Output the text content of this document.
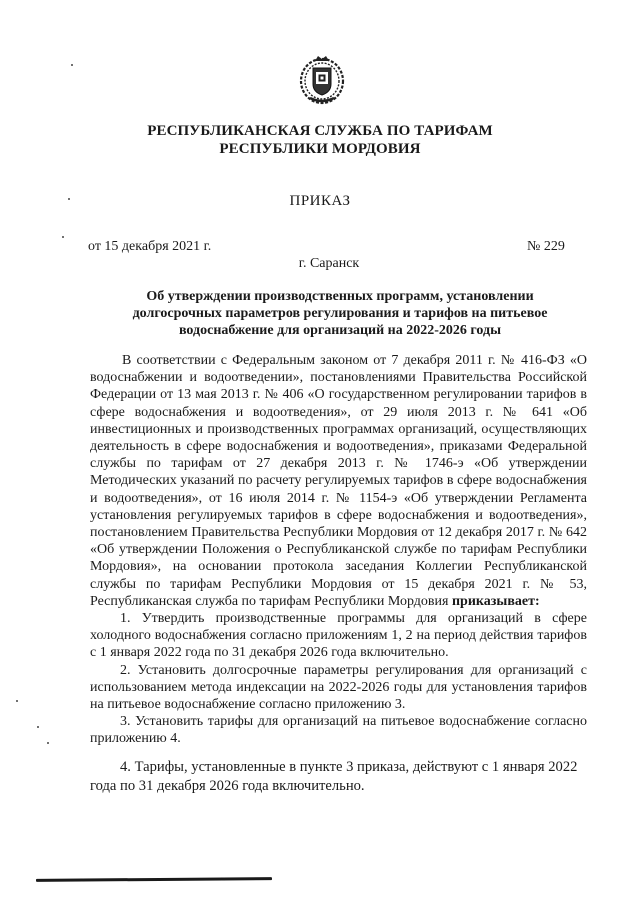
РЕСПУБЛИКАНСКАЯ СЛУЖБА ПО ТАРИФАМ
РЕСПУБЛИКИ МОРДОВИЯ
ПРИКАЗ
от 15 декабря 2021 г.	№ 229
г. Саранск
Об утверждении производственных программ, установлении
долгосрочных параметров регулирования и тарифов на питьевое
водоснабжение для организаций на 2022-2026 годы

В соответствии с Федеральным законом от 7 декабря 2011 г. № 416-ФЗ «О водоснабжении и водоотведении», постановлениями Правительства Российской Федерации от 13 мая 2013 г. № 406 «О государственном регулировании тарифов в сфере водоснабжения и водоотведения», от 29 июля 2013 г. № 641 «Об инвестиционных и производственных программах организаций, осуществляющих деятельность в сфере водоснабжения и водоотведения», приказами Федеральной службы по тарифам от 27 декабря 2013 г. № 1746-э «Об утверждении Методических указаний по расчету регулируемых тарифов в сфере водоснабжения и водоотведения», от 16 июля 2014 г. № 1154-э «Об утверждении Регламента установления регулируемых тарифов в сфере водоснабжения и водоотведения», постановлением Правительства Республики Мордовия от 12 декабря 2017 г. № 642 «Об утверждении Положения о Республиканской службе по тарифам Республики Мордовия», на основании протокола заседания Коллегии Республиканской службы по тарифам Республики Мордовия от 15 декабря 2021 г. № 53, Республиканская служба по тарифам Республики Мордовия приказывает:

1. Утвердить производственные программы для организаций в сфере холодного водоснабжения согласно приложениям 1, 2 на период действия тарифов с 1 января 2022 года по 31 декабря 2026 года включительно.

2. Установить долгосрочные параметры регулирования для организаций с использованием метода индексации на 2022-2026 годы для установления тарифов на питьевое водоснабжение согласно приложению 3.

3. Установить тарифы для организаций на питьевое водоснабжение согласно приложению 4.

4. Тарифы, установленные в пункте 3 приказа, действуют с 1 января 2022 года по 31 декабря 2026 года включительно.
